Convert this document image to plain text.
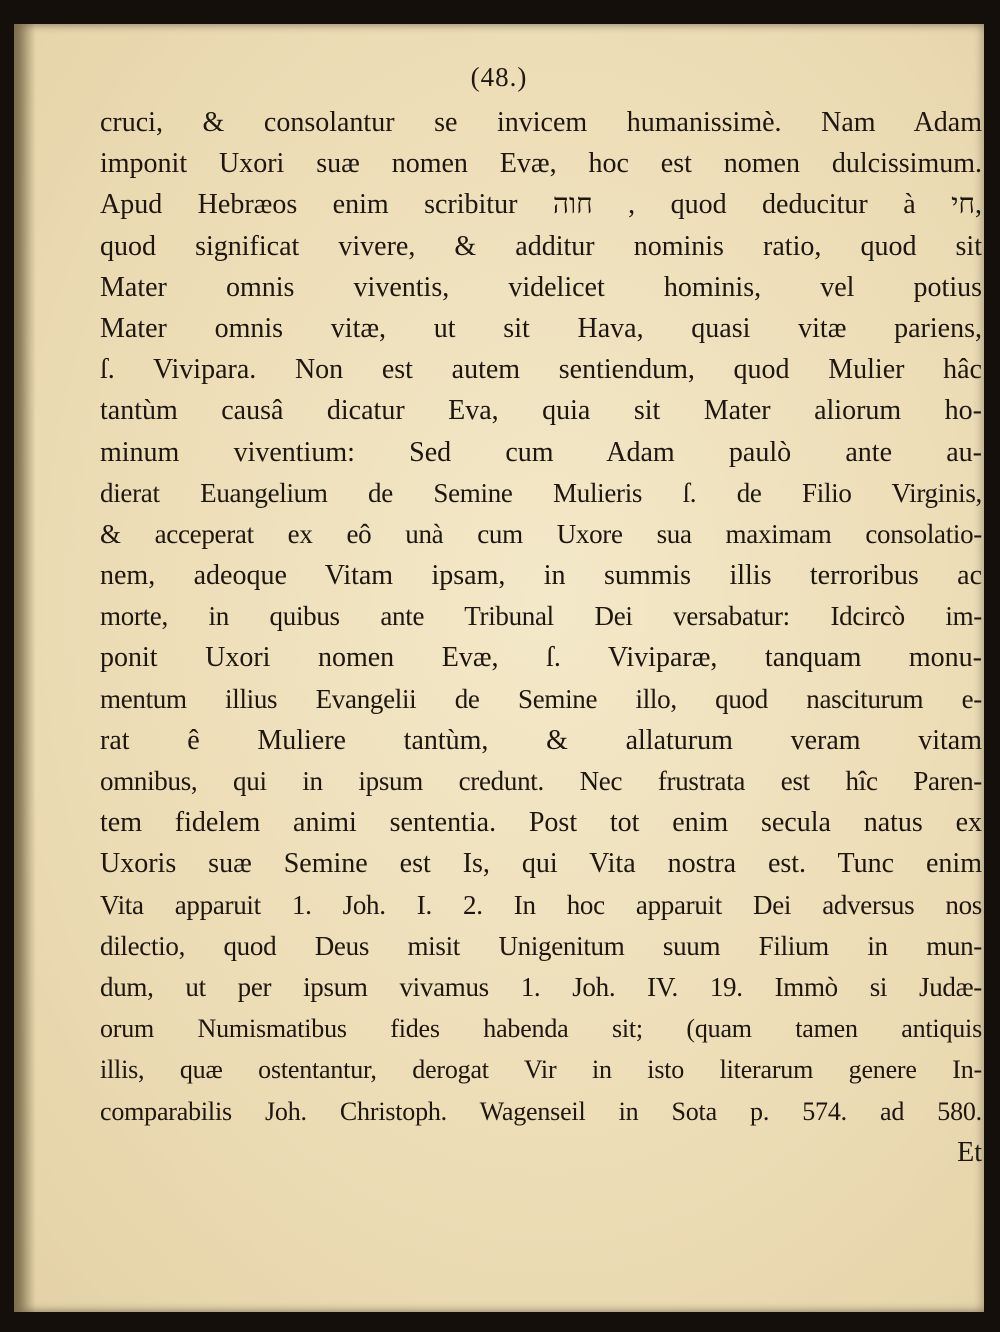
(48.)
cruci, & consolantur se invicem humanissimè. Nam Adam
imponit Uxori suæ nomen Evæ, hoc est nomen dulcissimum.
Apud Hebræos enim scribitur חוה , quod deducitur à חי,
quod significat vivere, & additur nominis ratio, quod sit
Mater omnis viventis, videlicet hominis, vel potius
Mater omnis vitæ, ut sit Hava, quasi vitæ pariens,
ſ. Vivipara. Non est autem sentiendum, quod Mulier hâc
tantùm causâ dicatur Eva, quia sit Mater aliorum ho-
minum viventium: Sed cum Adam paulò ante au-
dierat Euangelium de Semine Mulieris ſ. de Filio Virginis,
& acceperat ex eô unà cum Uxore sua maximam consolatio-
nem, adeoque Vitam ipsam, in summis illis terroribus ac
morte, in quibus ante Tribunal Dei versabatur: Idcircò im-
ponit Uxori nomen Evæ, ſ. Viviparæ, tanquam monu-
mentum illius Evangelii de Semine illo, quod nasciturum e-
rat ê Muliere tantùm, & allaturum veram vitam
omnibus, qui in ipsum credunt. Nec frustrata est hîc Paren-
tem fidelem animi sententia. Post tot enim secula natus ex
Uxoris suæ Semine est Is, qui Vita nostra est. Tunc enim
Vita apparuit 1. Joh. I. 2. In hoc apparuit Dei adversus nos
dilectio, quod Deus misit Unigenitum suum Filium in mun-
dum, ut per ipsum vivamus 1. Joh. IV. 19. Immò si Judæ-
orum Numismatibus fides habenda sit; (quam tamen antiquis
illis, quæ ostentantur, derogat Vir in isto literarum genere In-
comparabilis Joh. Christoph. Wagenseil in Sota p. 574. ad 580.
Et
